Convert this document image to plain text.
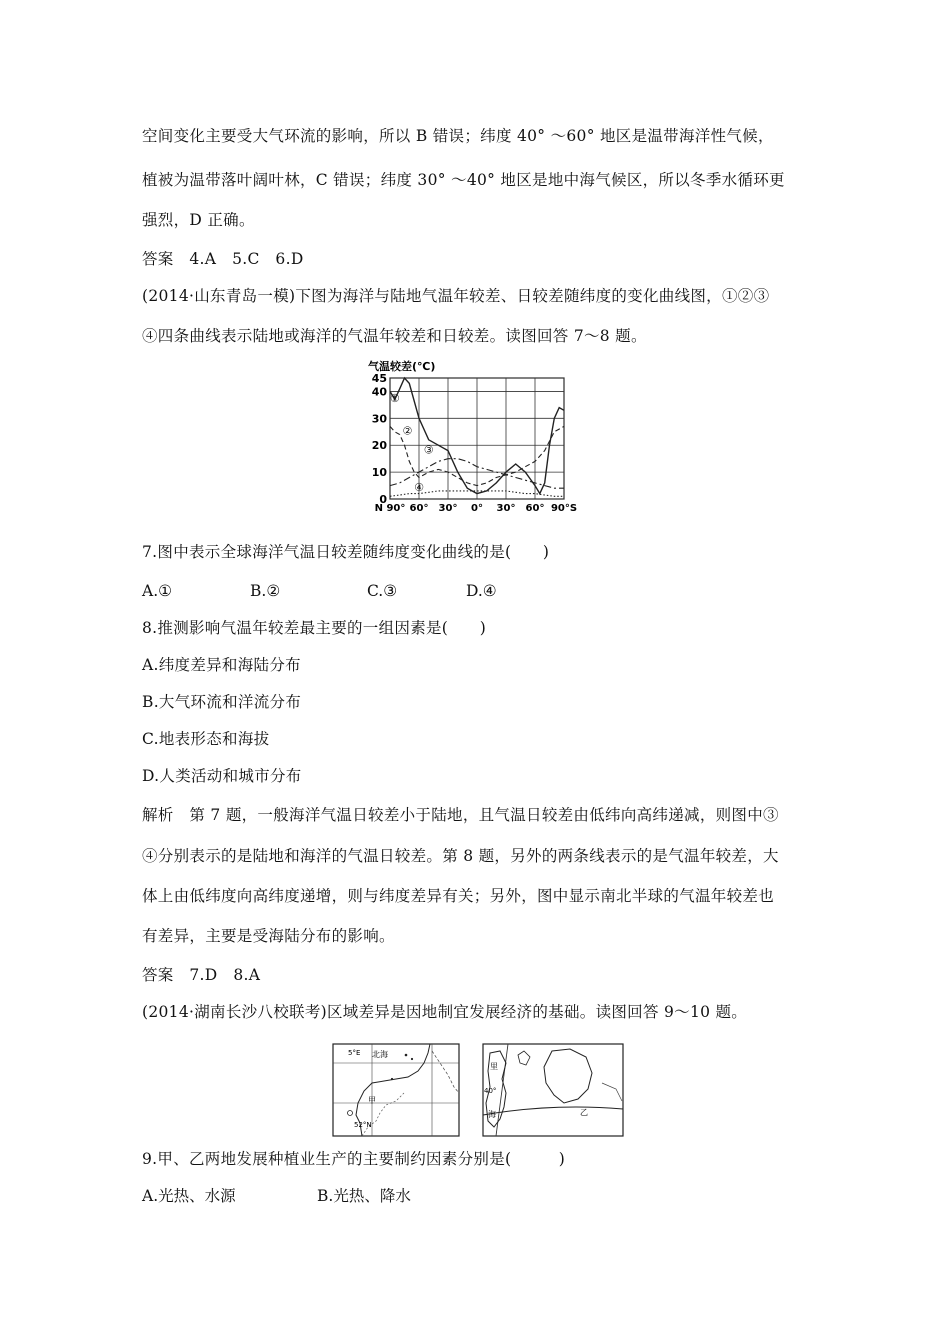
空间变化主要受大气环流的影响，所以 B 错误；纬度 40° ～60° 地区是温带海洋性气候，
植被为温带落叶阔叶林，C 错误；纬度 30° ～40° 地区是地中海气候区，所以冬季水循环更
强烈，D 正确。
答案　4.A　5.C　6.D
(2014·山东青岛一模)下图为海洋与陆地气温年较差、日较差随纬度的变化曲线图，①②③
④四条曲线表示陆地或海洋的气温年较差和日较差。读图回答 7～8 题。
0
10
20
30
40
45
N 90° 60° 30° 0° 30° 60° 90°S
气温较差(℃)
①
②
③
④
7.图中表示全球海洋气温日较差随纬度变化曲线的是(　　)
A.①	B.②	C.③	D.④
8.推测影响气温年较差最主要的一组因素是(　　)
A.纬度差异和海陆分布
B.大气环流和洋流分布
C.地表形态和海拔
D.人类活动和城市分布
解析　第 7 题，一般海洋气温日较差小于陆地，且气温日较差由低纬向高纬递减，则图中③
④分别表示的是陆地和海洋的气温日较差。第 8 题，另外的两条线表示的是气温年较差，大
体上由低纬度向高纬度递增，则与纬度差异有关；另外，图中显示南北半球的气温年较差也
有差异，主要是受海陆分布的影响。
答案　7.D　8.A
(2014·湖南长沙八校联考)区域差异是因地制宜发展经济的基础。读图回答 9～10 题。
5°E 北海
甲
52°N
里
40°
海	乙
9.甲、乙两地发展种植业生产的主要制约因素分别是(　　　)
A.光热、水源	B.光热、降水
